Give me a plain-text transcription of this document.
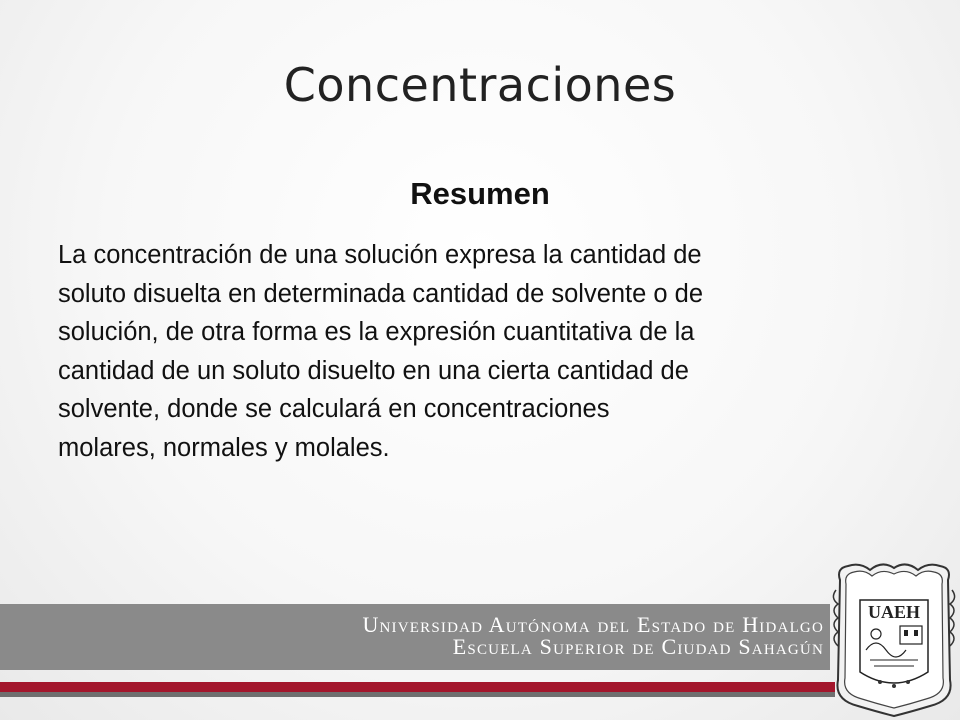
Concentraciones
Resumen
La concentración de una solución expresa la cantidad de
soluto disuelta en determinada cantidad de solvente o de
solución, de otra forma es la expresión cuantitativa de la
cantidad de un soluto disuelto en una cierta cantidad de
solvente, donde se calculará en concentraciones
molares, normales y molales.
Universidad Autónoma del Estado de Hidalgo
Escuela Superior de Ciudad Sahagún
UAEH
